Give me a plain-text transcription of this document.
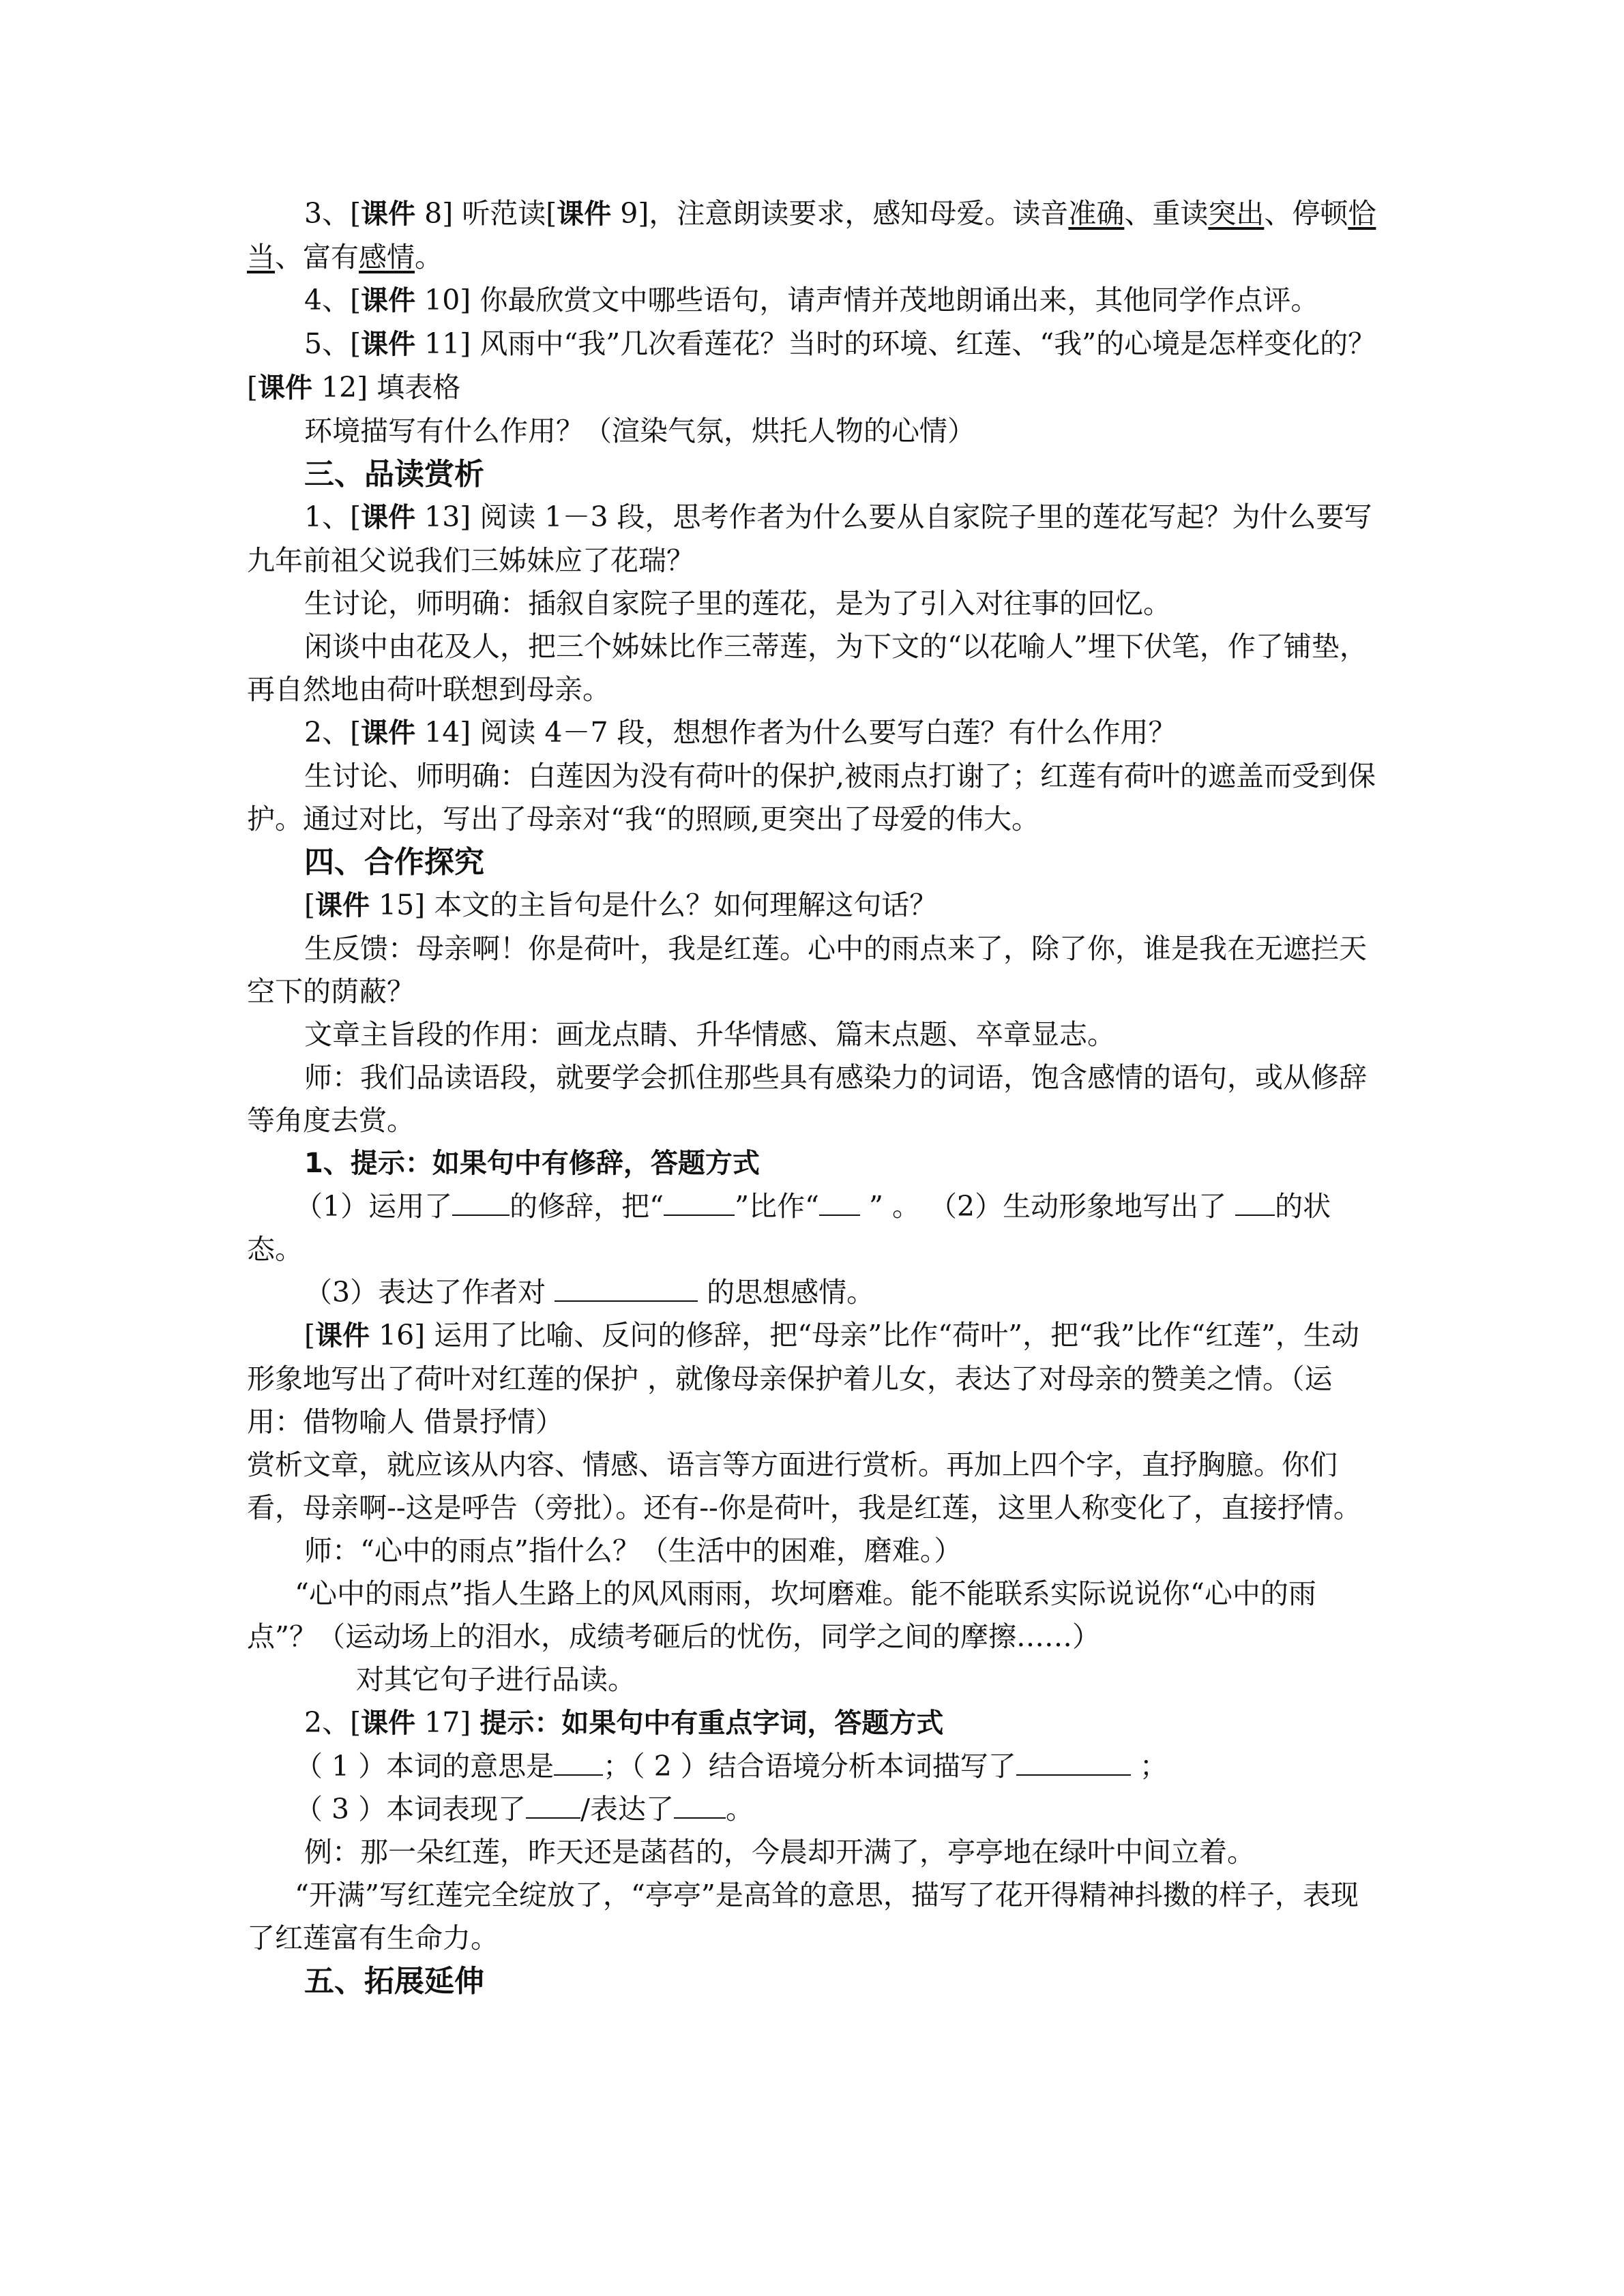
3、[课件 8] 听范读[课件 9]，注意朗读要求，感知母爱。读音准确、重读突出、停顿恰当、富有感情。

4、[课件 10] 你最欣赏文中哪些语句，请声情并茂地朗诵出来，其他同学作点评。

5、[课件 11] 风雨中“我”几次看莲花？当时的环境、红莲、“我”的心境是怎样变化的？[课件 12] 填表格

环境描写有什么作用？（渲染气氛，烘托人物的心情）

三、品读赏析

1、[课件 13] 阅读 1－3 段，思考作者为什么要从自家院子里的莲花写起？为什么要写九年前祖父说我们三姊妹应了花瑞？

生讨论，师明确：插叙自家院子里的莲花，是为了引入对往事的回忆。

闲谈中由花及人，把三个姊妹比作三蒂莲，为下文的“以花喻人”埋下伏笔，作了铺垫，再自然地由荷叶联想到母亲。

2、[课件 14] 阅读 4－7 段，想想作者为什么要写白莲？有什么作用？

生讨论、师明确：白莲因为没有荷叶的保护,被雨点打谢了；红莲有荷叶的遮盖而受到保护。通过对比，写出了母亲对“我“的照顾,更突出了母爱的伟大。

四、合作探究

[课件 15] 本文的主旨句是什么？如何理解这句话？

生反馈：母亲啊！你是荷叶，我是红莲。心中的雨点来了，除了你，谁是我在无遮拦天空下的荫蔽？

文章主旨段的作用：画龙点睛、升华情感、篇末点题、卒章显志。

师：我们品读语段，就要学会抓住那些具有感染力的词语，饱含感情的语句，或从修辞等角度去赏。

1、提示：如果句中有修辞，答题方式

（1）运用了 的修辞，把“	”比作“ ” 。 （2）生动形象地写出了 的状态。

（3）表达了作者对	的思想感情。

[课件 16] 运用了比喻、反问的修辞，把“母亲”比作“荷叶”，把“我”比作“红莲”，生动形象地写出了荷叶对红莲的保护 ，就像母亲保护着儿女，表达了对母亲的赞美之情。（运用：借物喻人 借景抒情）

赏析文章，就应该从内容、情感、语言等方面进行赏析。再加上四个字，直抒胸臆。你们看，母亲啊--这是呼告（旁批）。还有--你是荷叶，我是红莲，这里人称变化了，直接抒情。

师：“心中的雨点”指什么？（生活中的困难，磨难。）

“心中的雨点”指人生路上的风风雨雨，坎坷磨难。能不能联系实际说说你“心中的雨点”？（运动场上的泪水，成绩考砸后的忧伤，同学之间的摩擦……）

对其它句子进行品读。

2、[课件 17] 提示：如果句中有重点字词，答题方式

（ 1 ）本词的意思是 ；（ 2 ）结合语境分析本词描写了	；

（ 3 ）本词表现了 /表达了 。

例：那一朵红莲，昨天还是菡萏的，今晨却开满了，亭亭地在绿叶中间立着。

“开满”写红莲完全绽放了，“亭亭”是高耸的意思，描写了花开得精神抖擞的样子，表现了红莲富有生命力。

五、拓展延伸
